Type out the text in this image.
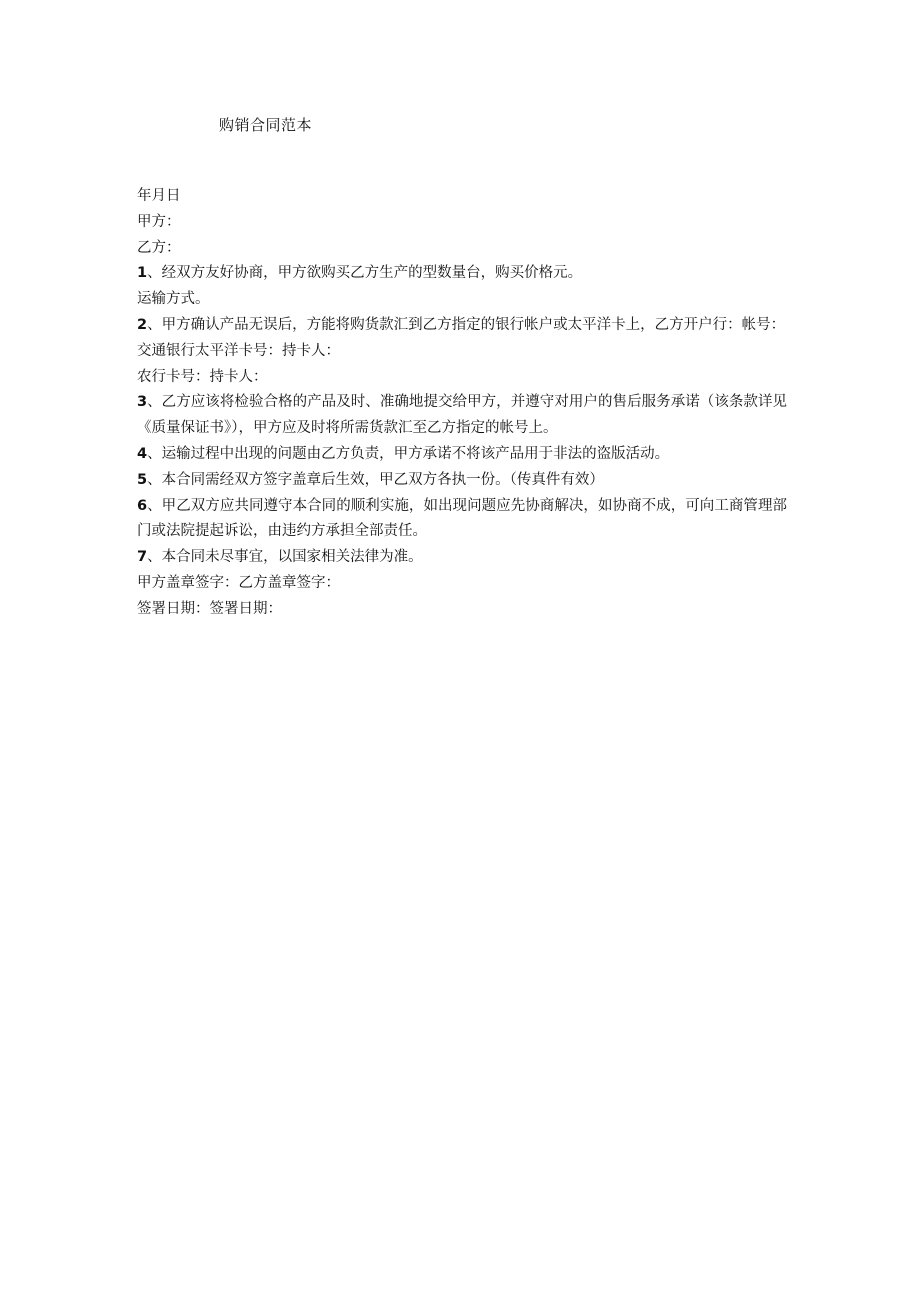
购销合同范本

年月日

甲方：

乙方：

1、经双方友好协商，甲方欲购买乙方生产的型数量台，购买价格元。

运输方式。

2、甲方确认产品无误后，方能将购货款汇到乙方指定的银行帐户或太平洋卡上，乙方开户行：帐号：

交通银行太平洋卡号：持卡人：

农行卡号：持卡人：

3、乙方应该将检验合格的产品及时、准确地提交给甲方，并遵守对用户的售后服务承诺（该条款详见《质量保证书》），甲方应及时将所需货款汇至乙方指定的帐号上。

4、运输过程中出现的问题由乙方负责，甲方承诺不将该产品用于非法的盗版活动。

5、本合同需经双方签字盖章后生效，甲乙双方各执一份。（传真件有效）

6、甲乙双方应共同遵守本合同的顺利实施，如出现问题应先协商解决，如协商不成，可向工商管理部门或法院提起诉讼，由违约方承担全部责任。

7、本合同未尽事宜，以国家相关法律为准。

甲方盖章签字：乙方盖章签字：

签署日期：签署日期：
